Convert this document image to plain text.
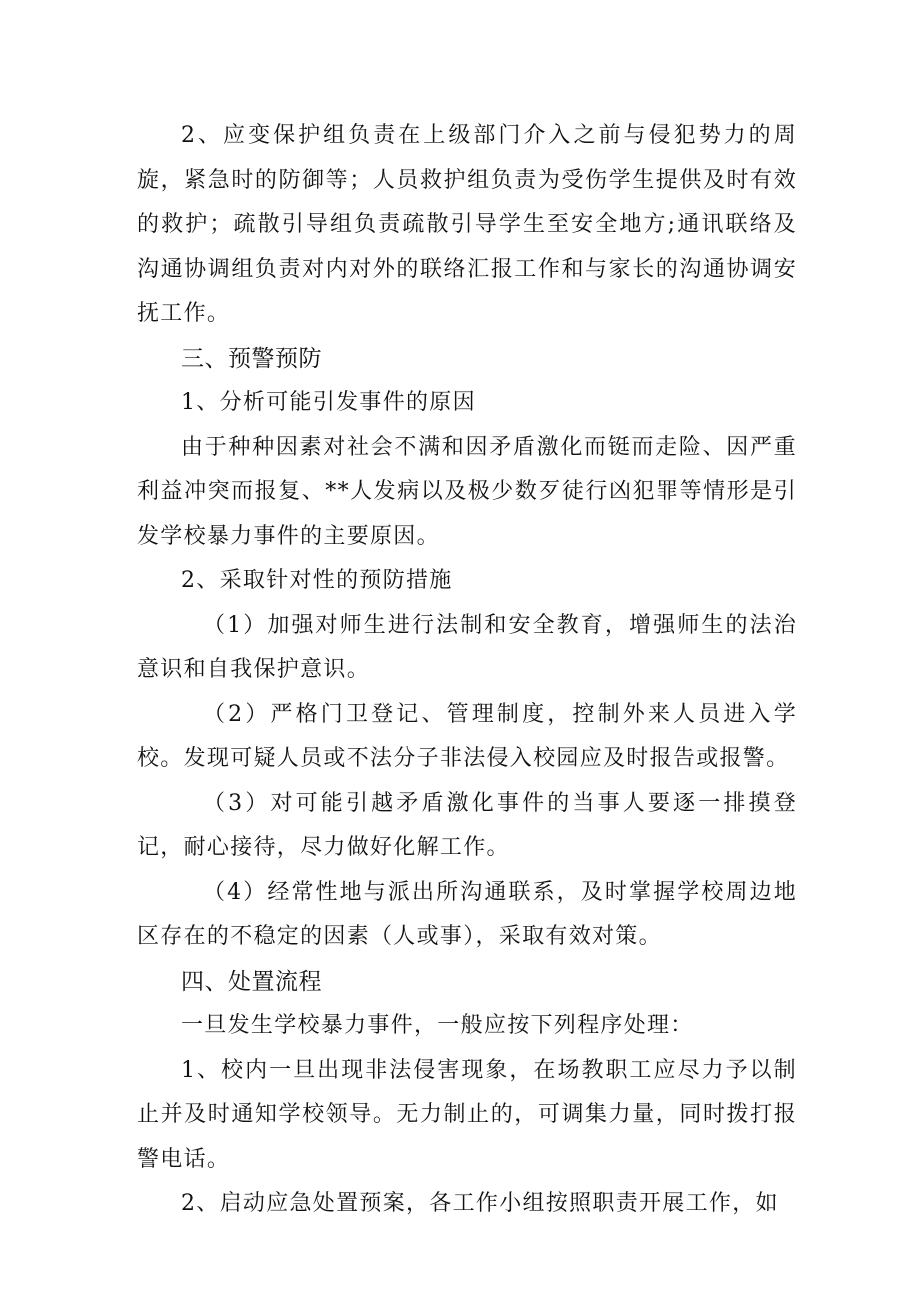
2、应变保护组负责在上级部门介入之前与侵犯势力的周旋，紧急时的防御等；人员救护组负责为受伤学生提供及时有效的救护；疏散引导组负责疏散引导学生至安全地方;通讯联络及沟通协调组负责对内对外的联络汇报工作和与家长的沟通协调安抚工作。

三、预警预防

1、分析可能引发事件的原因

由于种种因素对社会不满和因矛盾激化而铤而走险、因严重利益冲突而报复、**人发病以及极少数歹徒行凶犯罪等情形是引发学校暴力事件的主要原因。

2、采取针对性的预防措施

（1）加强对师生进行法制和安全教育，增强师生的法治意识和自我保护意识。

（2）严格门卫登记、管理制度，控制外来人员进入学校。发现可疑人员或不法分子非法侵入校园应及时报告或报警。

（3）对可能引越矛盾激化事件的当事人要逐一排摸登记，耐心接待，尽力做好化解工作。

（4）经常性地与派出所沟通联系，及时掌握学校周边地区存在的不稳定的因素（人或事），采取有效对策。

四、处置流程

一旦发生学校暴力事件，一般应按下列程序处理：

1、校内一旦出现非法侵害现象，在场教职工应尽力予以制止并及时通知学校领导。无力制止的，可调集力量，同时拨打报警电话。

2、启动应急处置预案，各工作小组按照职责开展工作，如
